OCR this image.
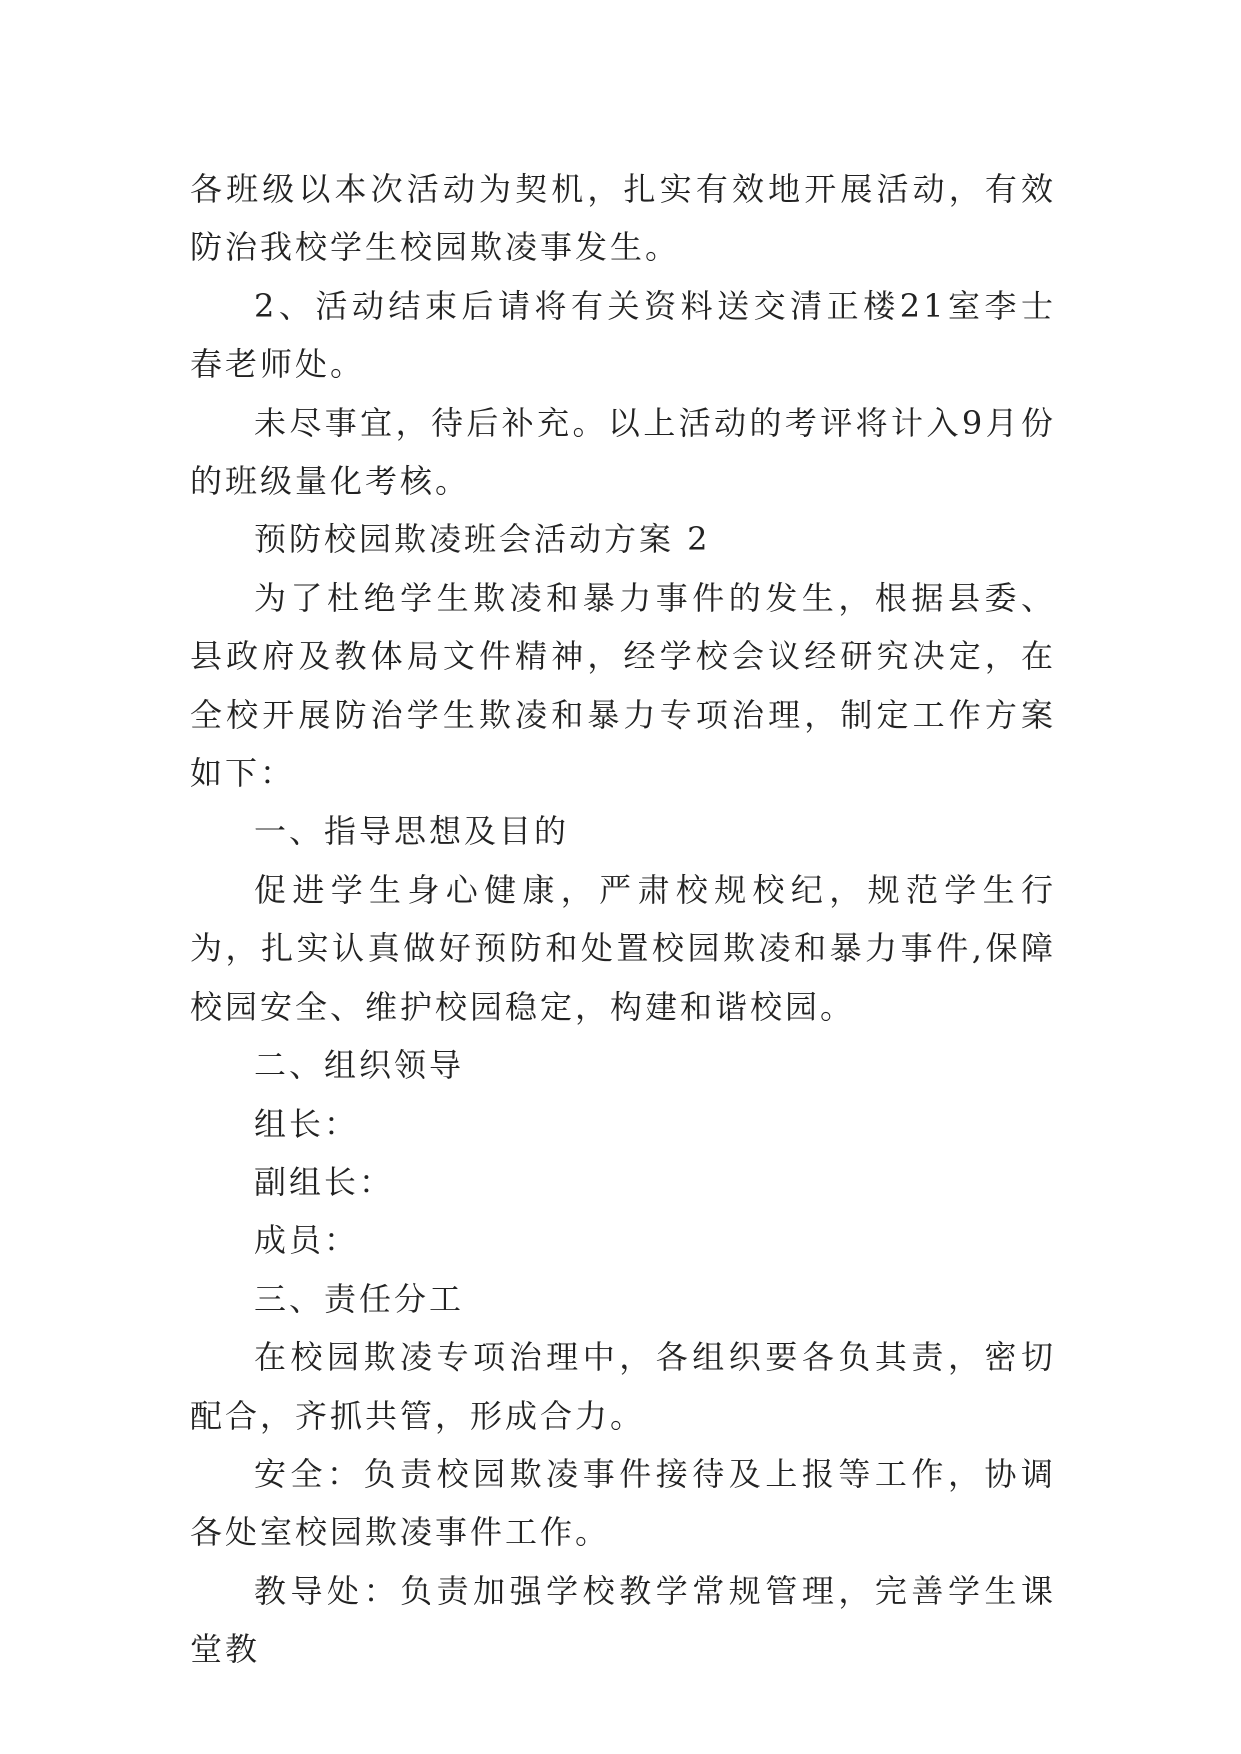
各班级以本次活动为契机，扎实有效地开展活动，有效防治我校学生校园欺凌事发生。

2、活动结束后请将有关资料送交清正楼21室李士春老师处。

未尽事宜，待后补充。以上活动的考评将计入9月份的班级量化考核。

预防校园欺凌班会活动方案 2

为了杜绝学生欺凌和暴力事件的发生，根据县委、县政府及教体局文件精神，经学校会议经研究决定，在全校开展防治学生欺凌和暴力专项治理，制定工作方案如下：

一、指导思想及目的

促进学生身心健康，严肃校规校纪，规范学生行为，扎实认真做好预防和处置校园欺凌和暴力事件,保障校园安全、维护校园稳定，构建和谐校园。

二、组织领导

组长：

副组长：

成员：

三、责任分工

在校园欺凌专项治理中，各组织要各负其责，密切配合，齐抓共管，形成合力。

安全：负责校园欺凌事件接待及上报等工作，协调各处室校园欺凌事件工作。

教导处：负责加强学校教学常规管理，完善学生课堂教
